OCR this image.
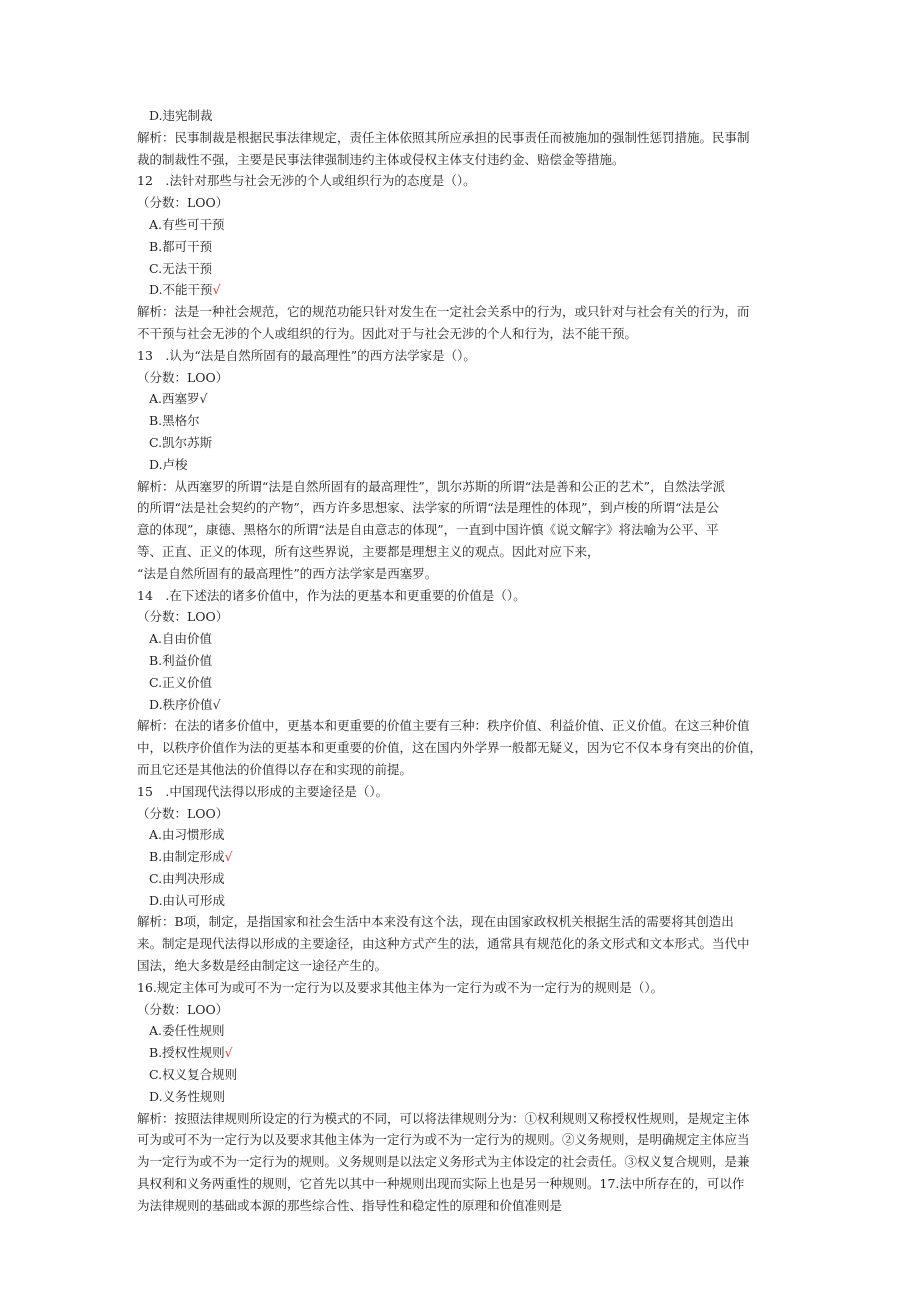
D.违宪制裁
解析：民事制裁是根据民事法律规定，责任主体依照其所应承担的民事责任而被施加的强制性惩罚措施。民事制
裁的制裁性不强，主要是民事法律强制违约主体或侵权主体支付违约金、赔偿金等措施。
12　.法针对那些与社会无涉的个人或组织行为的态度是（）。
（分数：LOO）
A.有些可干预
B.都可干预
C.无法干预
D.不能干预√
解析：法是一种社会规范，它的规范功能只针对发生在一定社会关系中的行为，或只针对与社会有关的行为，而
不干预与社会无涉的个人或组织的行为。因此对于与社会无涉的个人和行为，法不能干预。
13　.认为“法是自然所固有的最高理性”的西方法学家是（）。
（分数：LOO）
A.西塞罗√
B.黑格尔
C.凯尔苏斯
D.卢梭
解析：从西塞罗的所谓“法是自然所固有的最高理性”，凯尔苏斯的所谓“法是善和公正的艺术”，自然法学派
的所谓“法是社会契约的产物”，西方许多思想家、法学家的所谓“法是理性的体现”，到卢梭的所谓“法是公
意的体现”，康德、黑格尔的所谓“法是自由意志的体现”，一直到中国许慎《说文解字》将法喻为公平、平
等、正直、正义的体现，所有这些界说，主要都是理想主义的观点。因此对应下来，
“法是自然所固有的最高理性”的西方法学家是西塞罗。
14　.在下述法的诸多价值中，作为法的更基本和更重要的价值是（）。
（分数：LOO）
A.自由价值
B.利益价值
C.正义价值
D.秩序价值√
解析：在法的诸多价值中，更基本和更重要的价值主要有三种：秩序价值、利益价值、正义价值。在这三种价值
中，以秩序价值作为法的更基本和更重要的价值，这在国内外学界一般都无疑义，因为它不仅本身有突出的价值，
而且它还是其他法的价值得以存在和实现的前提。
15　.中国现代法得以形成的主要途径是（）。
（分数：LOO）
A.由习惯形成
B.由制定形成√
C.由判决形成
D.由认可形成
解析：B项，制定，是指国家和社会生活中本来没有这个法，现在由国家政权机关根据生活的需要将其创造出
来。制定是现代法得以形成的主要途径，由这种方式产生的法，通常具有规范化的条文形式和文本形式。当代中
国法，绝大多数是经由制定这一途径产生的。
16.规定主体可为或可不为一定行为以及要求其他主体为一定行为或不为一定行为的规则是（）。
（分数：LOO）
A.委任性规则
B.授权性规则√
C.权义复合规则
D.义务性规则
解析：按照法律规则所设定的行为模式的不同，可以将法律规则分为：①权利规则又称授权性规则，是规定主体
可为或可不为一定行为以及要求其他主体为一定行为或不为一定行为的规则。②义务规则，是明确规定主体应当
为一定行为或不为一定行为的规则。义务规则是以法定义务形式为主体设定的社会责任。③权义复合规则，是兼
具权利和义务两重性的规则，它首先以其中一种规则出现而实际上也是另一种规则。17.法中所存在的，可以作
为法律规则的基础或本源的那些综合性、指导性和稳定性的原理和价值准则是
